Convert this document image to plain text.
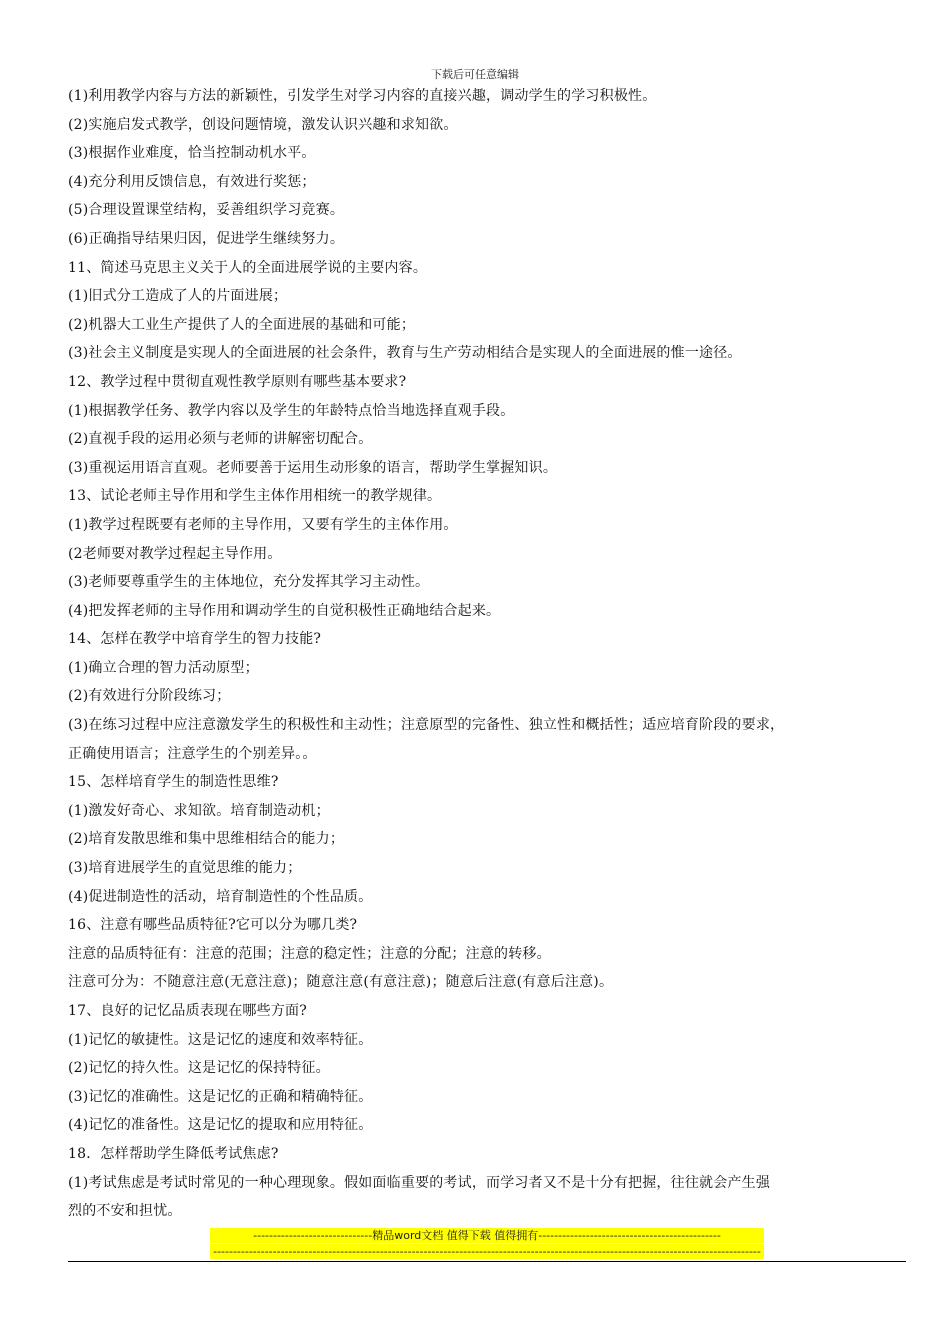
下载后可任意编辑
(1)利用教学内容与方法的新颖性，引发学生对学习内容的直接兴趣，调动学生的学习积极性。
(2)实施启发式教学，创设问题情境，激发认识兴趣和求知欲。
(3)根据作业难度，恰当控制动机水平。
(4)充分利用反馈信息，有效进行奖惩；
(5)合理设置课堂结构，妥善组织学习竞赛。
(6)正确指导结果归因，促进学生继续努力。
11、简述马克思主义关于人的全面进展学说的主要内容。
(1)旧式分工造成了人的片面进展；
(2)机器大工业生产提供了人的全面进展的基础和可能；
(3)社会主义制度是实现人的全面进展的社会条件，教育与生产劳动相结合是实现人的全面进展的惟一途径。
12、教学过程中贯彻直观性教学原则有哪些基本要求?
(1)根据教学任务、教学内容以及学生的年龄特点恰当地选择直观手段。
(2)直视手段的运用必须与老师的讲解密切配合。
(3)重视运用语言直观。老师要善于运用生动形象的语言，帮助学生掌握知识。
13、试论老师主导作用和学生主体作用相统一的教学规律。
(1)教学过程既要有老师的主导作用，又要有学生的主体作用。
(2老师要对教学过程起主导作用。
(3)老师要尊重学生的主体地位，充分发挥其学习主动性。
(4)把发挥老师的主导作用和调动学生的自觉积极性正确地结合起来。
14、怎样在教学中培育学生的智力技能?
(1)确立合理的智力活动原型；
(2)有效进行分阶段练习；
(3)在练习过程中应注意激发学生的积极性和主动性；注意原型的完备性、独立性和概括性；适应培育阶段的要求，
正确使用语言；注意学生的个别差异。。
15、怎样培育学生的制造性思维?
(1)激发好奇心、求知欲。培育制造动机；
(2)培育发散思维和集中思维相结合的能力；
(3)培育进展学生的直觉思维的能力；
(4)促进制造性的活动，培育制造性的个性品质。
16、注意有哪些品质特征?它可以分为哪几类?
注意的品质特征有：注意的范围；注意的稳定性；注意的分配；注意的转移。
注意可分为：不随意注意(无意注意)；随意注意(有意注意)；随意后注意(有意后注意)。
17、良好的记忆品质表现在哪些方面?
(1)记忆的敏捷性。这是记忆的速度和效率特征。
(2)记忆的持久性。这是记忆的保持特征。
(3)记忆的准确性。这是记忆的正确和精确特征。
(4)记忆的准备性。这是记忆的提取和应用特征。
18．怎样帮助学生降低考试焦虑?
(1)考试焦虑是考试时常见的一种心理现象。假如面临重要的考试，而学习者又不是十分有把握，往往就会产生强
烈的不安和担忧。
------------------------------精品word文档 值得下载 值得拥有----------------------------------------------
------------------------------------------------------------------------------------------------------------------------------------------
